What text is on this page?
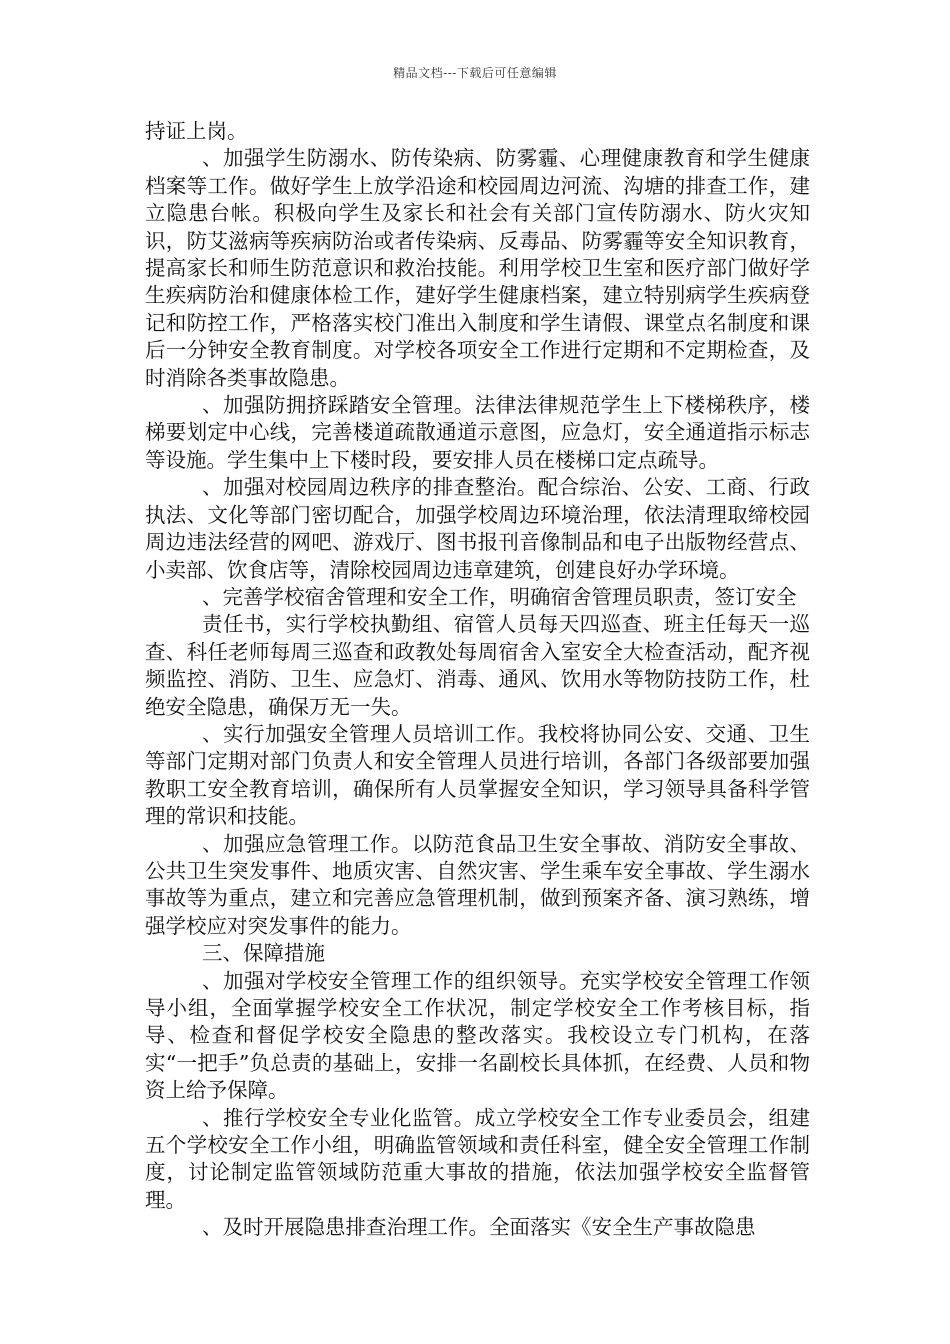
精品文档---下载后可任意编辑

持证上岗。

、加强学生防溺水、防传染病、防雾霾、心理健康教育和学生健康档案等工作。做好学生上放学沿途和校园周边河流、沟塘的排查工作，建立隐患台帐。积极向学生及家长和社会有关部门宣传防溺水、防火灾知识，防艾滋病等疾病防治或者传染病、反毒品、防雾霾等安全知识教育，提高家长和师生防范意识和救治技能。利用学校卫生室和医疗部门做好学生疾病防治和健康体检工作，建好学生健康档案，建立特别病学生疾病登记和防控工作，严格落实校门准出入制度和学生请假、课堂点名制度和课后一分钟安全教育制度。对学校各项安全工作进行定期和不定期检查，及时消除各类事故隐患。

、加强防拥挤踩踏安全管理。法律法律规范学生上下楼梯秩序，楼梯要划定中心线，完善楼道疏散通道示意图，应急灯，安全通道指示标志等设施。学生集中上下楼时段，要安排人员在楼梯口定点疏导。

、加强对校园周边秩序的排查整治。配合综治、公安、工商、行政执法、文化等部门密切配合，加强学校周边环境治理，依法清理取缔校园周边违法经营的网吧、游戏厅、图书报刊音像制品和电子出版物经营点、小卖部、饮食店等，清除校园周边违章建筑，创建良好办学环境。

、完善学校宿舍管理和安全工作，明确宿舍管理员职责，签订安全

责任书，实行学校执勤组、宿管人员每天四巡查、班主任每天一巡查、科任老师每周三巡查和政教处每周宿舍入室安全大检查活动，配齐视频监控、消防、卫生、应急灯、消毒、通风、饮用水等物防技防工作，杜绝安全隐患，确保万无一失。

、实行加强安全管理人员培训工作。我校将协同公安、交通、卫生等部门定期对部门负责人和安全管理人员进行培训，各部门各级部要加强教职工安全教育培训，确保所有人员掌握安全知识，学习领导具备科学管理的常识和技能。

、加强应急管理工作。以防范食品卫生安全事故、消防安全事故、公共卫生突发事件、地质灾害、自然灾害、学生乘车安全事故、学生溺水事故等为重点，建立和完善应急管理机制，做到预案齐备、演习熟练，增强学校应对突发事件的能力。

三、保障措施

、加强对学校安全管理工作的组织领导。充实学校安全管理工作领导小组，全面掌握学校安全工作状况，制定学校安全工作考核目标，指导、检查和督促学校安全隐患的整改落实。我校设立专门机构，在落实“一把手”负总责的基础上，安排一名副校长具体抓，在经费、人员和物资上给予保障。

、推行学校安全专业化监管。成立学校安全工作专业委员会，组建五个学校安全工作小组，明确监管领域和责任科室，健全安全管理工作制度，讨论制定监管领域防范重大事故的措施，依法加强学校安全监督管理。

、及时开展隐患排查治理工作。全面落实《安全生产事故隐患
